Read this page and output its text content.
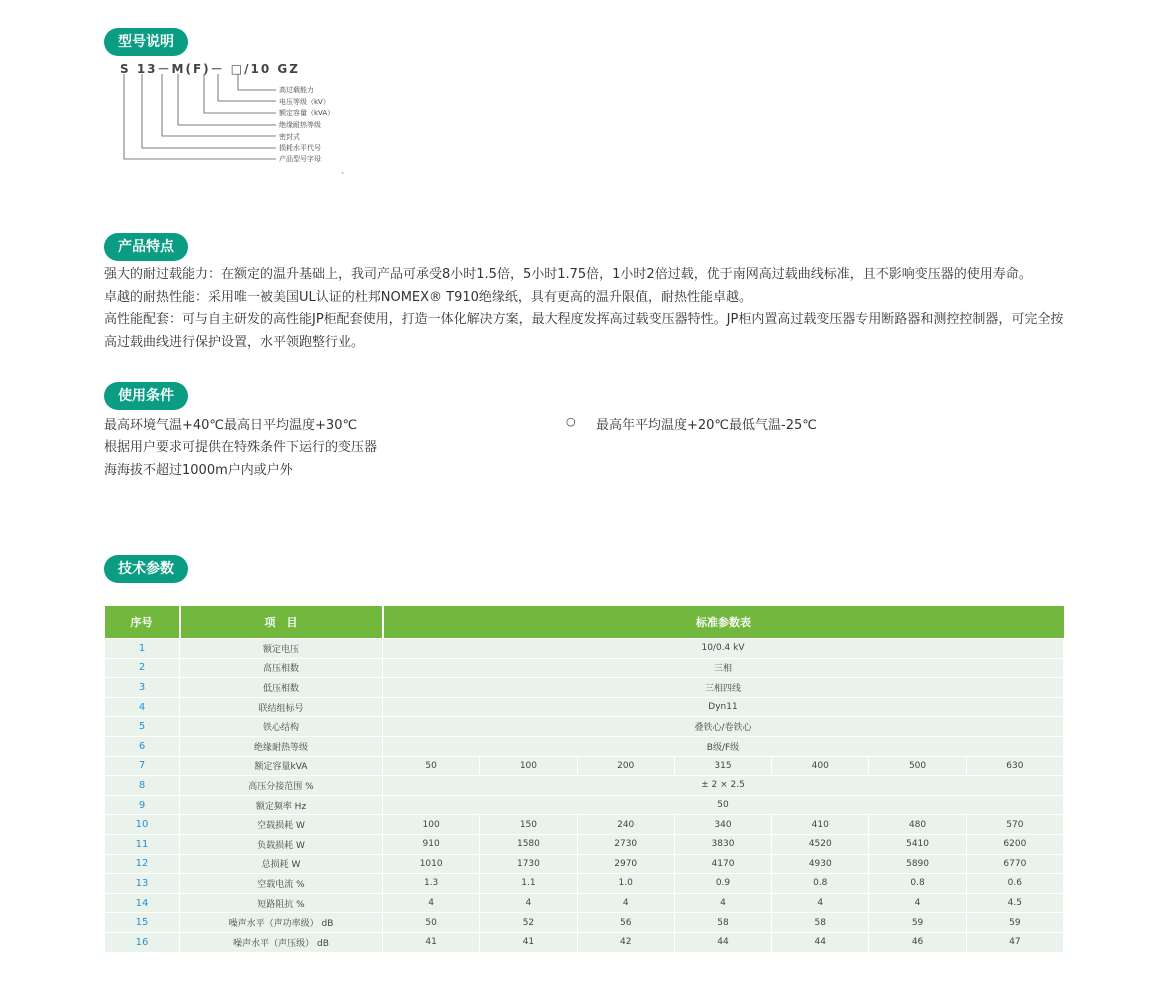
型号说明
S 13－M(F)－ □/10 GZ
高过载能力
电压等级（kV）
额定容量（kVA）
绝缘耐热等级
密封式
损耗水平代号
产品型号字母
、
产品特点
强大的耐过载能力：在额定的温升基础上，我司产品可承受8小时1.5倍，5小时1.75倍，1小时2倍过载，优于南网高过载曲线标准，且不影响变压器的使用寿命。
卓越的耐热性能：采用唯一被美国UL认证的杜邦NOMEX® T910绝缘纸，具有更高的温升限值，耐热性能卓越。
高性能配套：可与自主研发的高性能JP柜配套使用，打造一体化解决方案，最大程度发挥高过载变压器特性。JP柜内置高过载变压器专用断路器和测控控制器，可完全按
高过载曲线进行保护设置，水平领跑整行业。
使用条件
最高环境气温+40℃最高日平均温度+30℃	○ 最高年平均温度+20℃最低气温-25℃
根据用户要求可提供在特殊条件下运行的变压器
海海拔不超过1000m户内或户外
技术参数
序号	项　目	标准参数表						
1	额定电压	10/0.4 kV						
2	高压相数	三相						
3	低压相数	三相四线						
4	联结组标号	Dyn11						
5	铁心结构	叠铁心/卷铁心						
6	绝缘耐热等级	B级/F级						
7	额定容量kVA	50	100	200	315	400	500	630
8	高压分接范围 %	± 2 × 2.5						
9	额定频率 Hz	50						
10	空载损耗 W	100	150	240	340	410	480	570
11	负载损耗 W	910	1580	2730	3830	4520	5410	6200
12	总损耗 W	1010	1730	2970	4170	4930	5890	6770
13	空载电流 %	1.3	1.1	1.0	0.9	0.8	0.8	0.6
14	短路阻抗 %	4	4	4	4	4	4	4.5
15	噪声水平（声功率级） dB	50	52	56	58	58	59	59
16	噪声水平（声压级） dB	41	41	42	44	44	46	47
